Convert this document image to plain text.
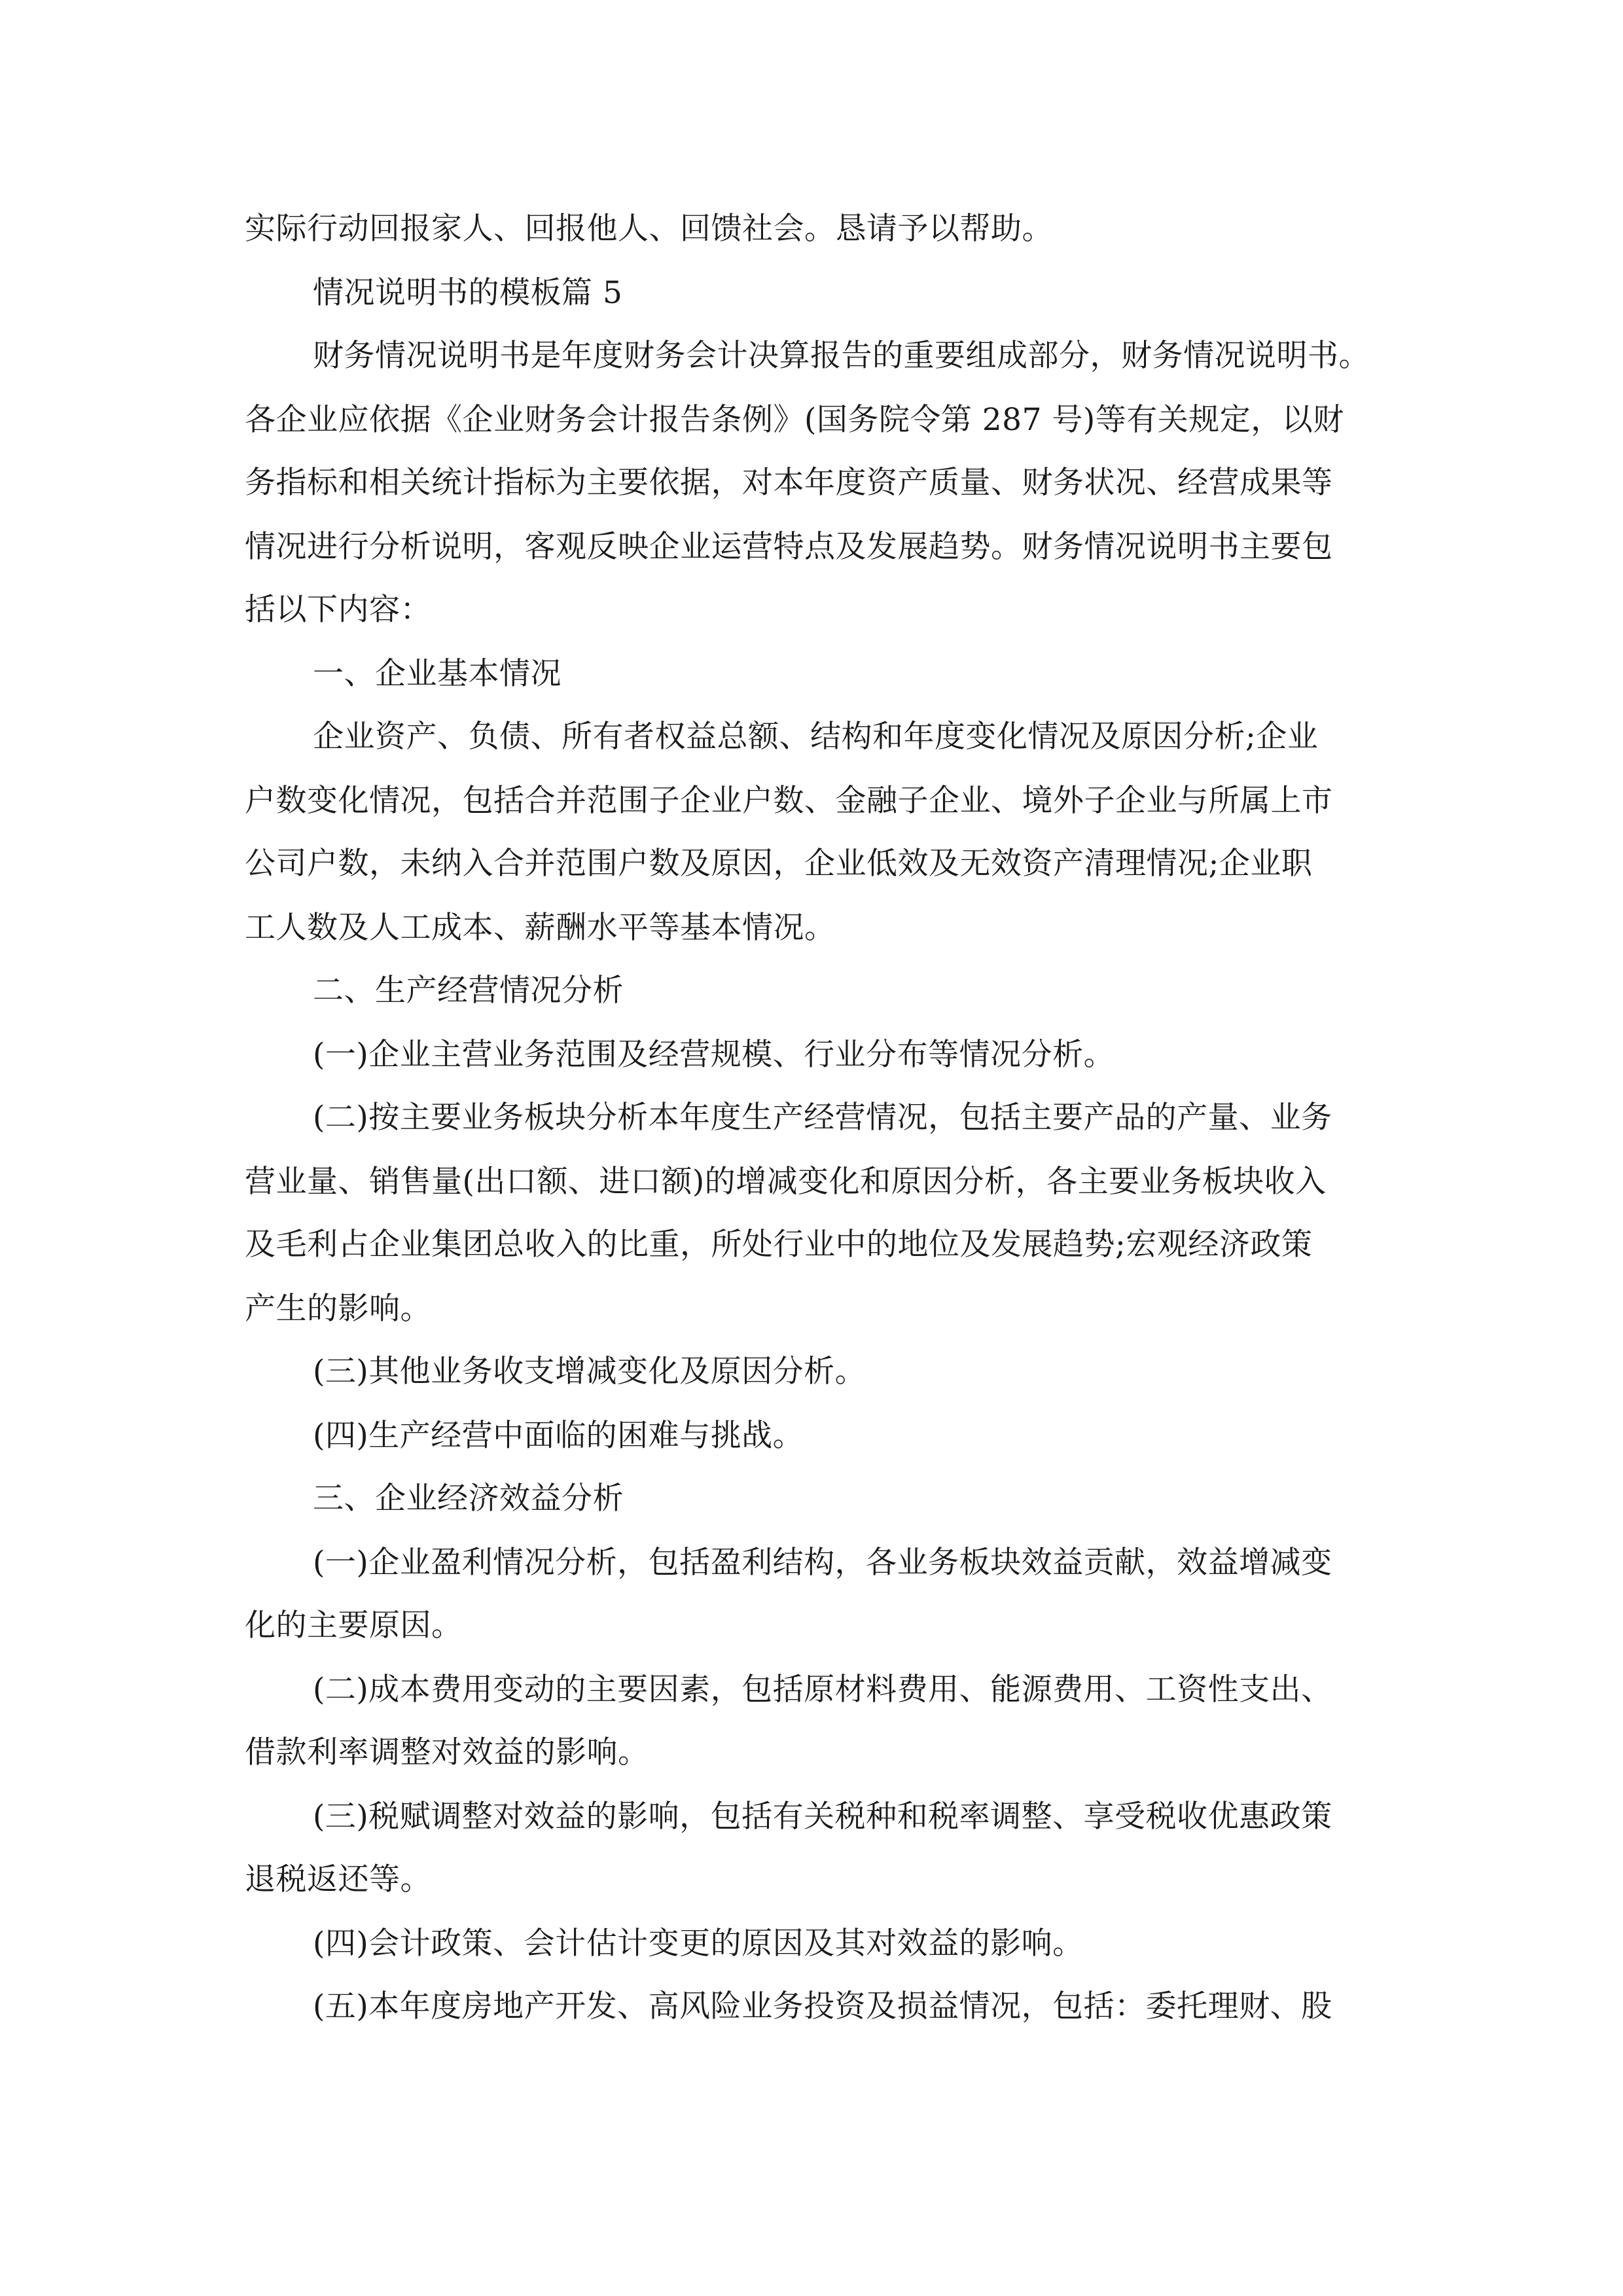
实际行动回报家人、回报他人、回馈社会。恳请予以帮助。
情况说明书的模板篇 5
财务情况说明书是年度财务会计决算报告的重要组成部分，财务情况说明书。
各企业应依据《企业财务会计报告条例》(国务院令第 287 号)等有关规定，以财
务指标和相关统计指标为主要依据，对本年度资产质量、财务状况、经营成果等
情况进行分析说明，客观反映企业运营特点及发展趋势。财务情况说明书主要包
括以下内容：
一、企业基本情况
企业资产、负债、所有者权益总额、结构和年度变化情况及原因分析;企业
户数变化情况，包括合并范围子企业户数、金融子企业、境外子企业与所属上市
公司户数，未纳入合并范围户数及原因，企业低效及无效资产清理情况;企业职
工人数及人工成本、薪酬水平等基本情况。
二、生产经营情况分析
(一)企业主营业务范围及经营规模、行业分布等情况分析。
(二)按主要业务板块分析本年度生产经营情况，包括主要产品的产量、业务
营业量、销售量(出口额、进口额)的增减变化和原因分析，各主要业务板块收入
及毛利占企业集团总收入的比重，所处行业中的地位及发展趋势;宏观经济政策
产生的影响。
(三)其他业务收支增减变化及原因分析。
(四)生产经营中面临的困难与挑战。
三、企业经济效益分析
(一)企业盈利情况分析，包括盈利结构，各业务板块效益贡献，效益增减变
化的主要原因。
(二)成本费用变动的主要因素，包括原材料费用、能源费用、工资性支出、
借款利率调整对效益的影响。
(三)税赋调整对效益的影响，包括有关税种和税率调整、享受税收优惠政策
退税返还等。
(四)会计政策、会计估计变更的原因及其对效益的影响。
(五)本年度房地产开发、高风险业务投资及损益情况，包括：委托理财、股
